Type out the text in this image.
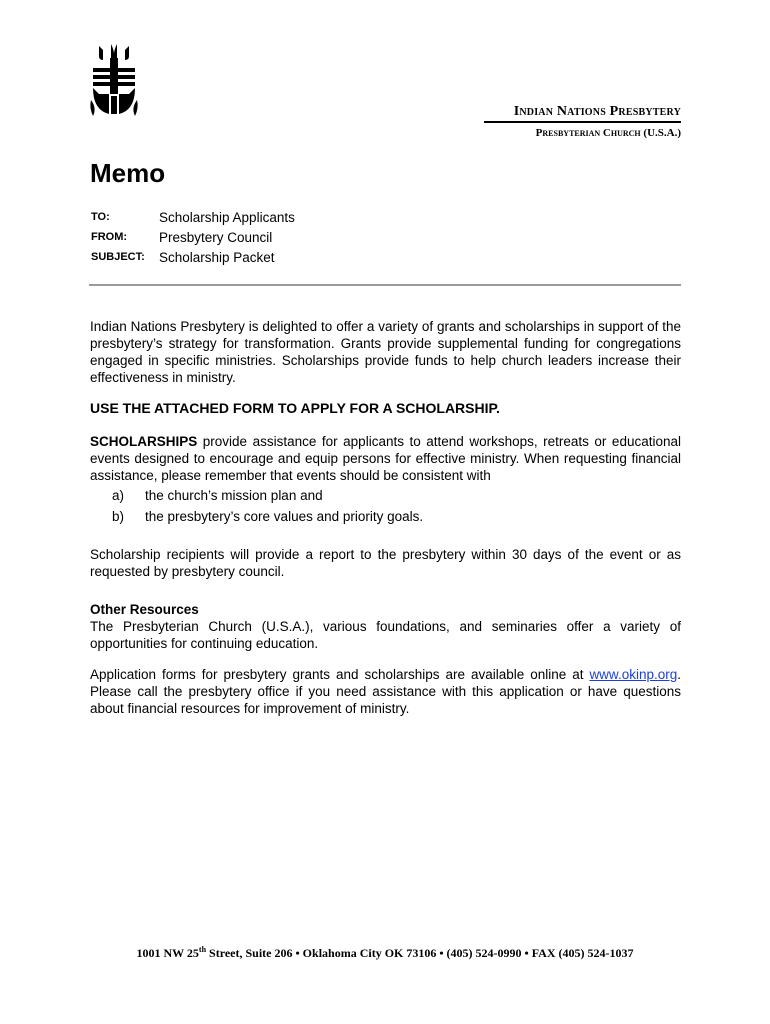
Indian Nations Presbytery
Presbyterian Church (U.S.A.)
Memo
TO:	Scholarship Applicants
FROM:	Presbytery Council
SUBJECT:	Scholarship Packet

Indian Nations Presbytery is delighted to offer a variety of grants and scholarships in support of the presbytery’s strategy for transformation. Grants provide supplemental funding for congregations engaged in specific ministries. Scholarships provide funds to help church leaders increase their effectiveness in ministry.

USE THE ATTACHED FORM TO APPLY FOR A SCHOLARSHIP.

SCHOLARSHIPS provide assistance for applicants to attend workshops, retreats or educational events designed to encourage and equip persons for effective ministry. When requesting financial assistance, please remember that events should be consistent with

a)	the church’s mission plan and
b)	the presbytery’s core values and priority goals.

Scholarship recipients will provide a report to the presbytery within 30 days of the event or as requested by presbytery council.

Other Resources

The Presbyterian Church (U.S.A.), various foundations, and seminaries offer a variety of opportunities for continuing education.

Application forms for presbytery grants and scholarships are available online at www.okinp.org. Please call the presbytery office if you need assistance with this application or have questions about financial resources for improvement of ministry.

1001 NW 25th Street, Suite 206 • Oklahoma City OK 73106 • (405) 524-0990 • FAX (405) 524-1037
